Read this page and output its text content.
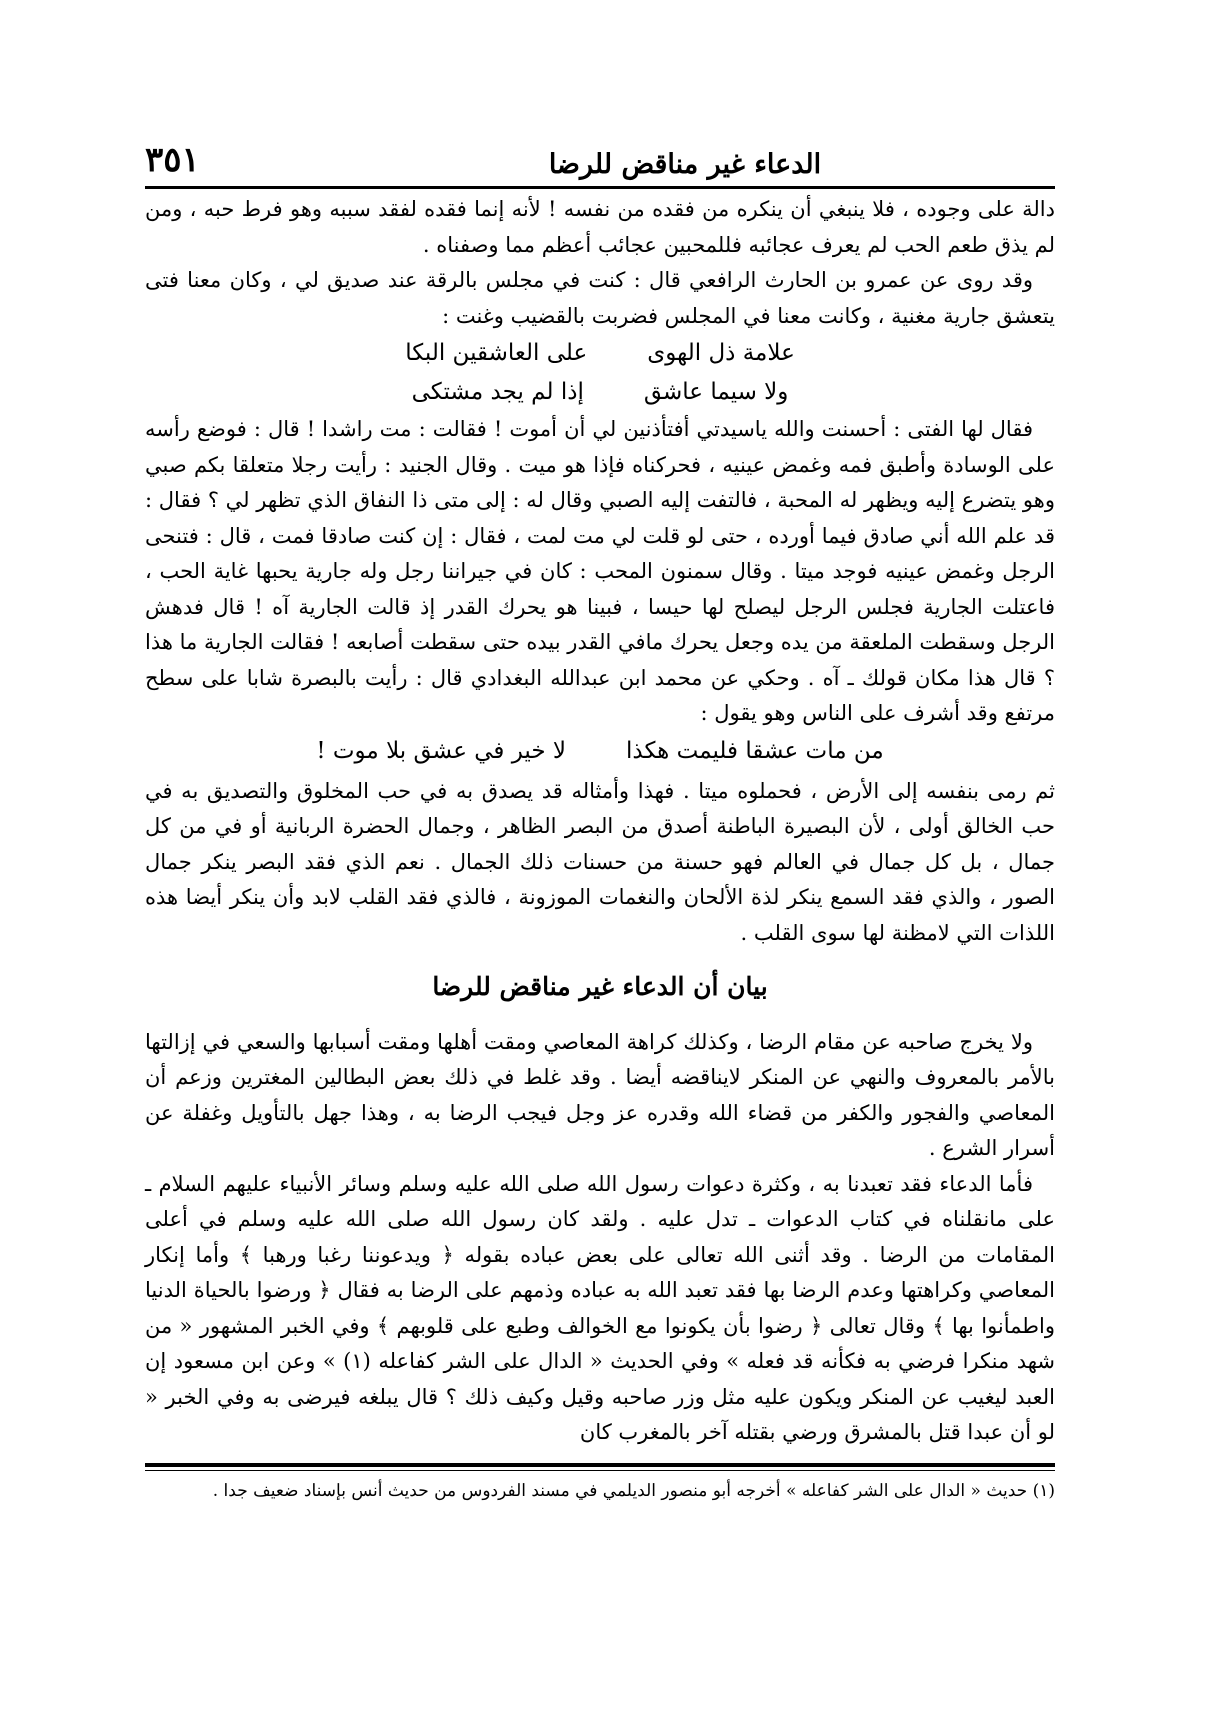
الدعاء غير مناقض للرضا
٣٥١

دالة على وجوده ، فلا ينبغي أن ينكره من فقده من نفسه ! لأنه إنما فقده لفقد سببه وهو فرط حبه ، ومن لم يذق طعم الحب لم يعرف عجائبه فللمحبين عجائب أعظم مما وصفناه .

وقد روى عن عمرو بن الحارث الرافعي قال : كنت في مجلس بالرقة عند صديق لي ، وكان معنا فتى يتعشق جارية مغنية ، وكانت معنا في المجلس فضربت بالقضيب وغنت :

علامة ذل الهوى
على العاشقين البكا
ولا سيما عاشق
إذا لم يجد مشتكى

فقال لها الفتى : أحسنت والله ياسيدتي أفتأذنين لي أن أموت ! فقالت : مت راشدا ! قال : فوضع رأسه على الوسادة وأطبق فمه وغمض عينيه ، فحركناه فإذا هو ميت . وقال الجنيد : رأيت رجلا متعلقا بكم صبي وهو يتضرع إليه ويظهر له المحبة ، فالتفت إليه الصبي وقال له : إلى متى ذا النفاق الذي تظهر لي ؟ فقال : قد علم الله أني صادق فيما أورده ، حتى لو قلت لي مت لمت ، فقال : إن كنت صادقا فمت ، قال : فتنحى الرجل وغمض عينيه فوجد ميتا . وقال سمنون المحب : كان في جيراننا رجل وله جارية يحبها غاية الحب ، فاعتلت الجارية فجلس الرجل ليصلح لها حيسا ، فبينا هو يحرك القدر إذ قالت الجارية آه ! قال فدهش الرجل وسقطت الملعقة من يده وجعل يحرك مافي القدر بيده حتى سقطت أصابعه ! فقالت الجارية ما هذا ؟ قال هذا مكان قولك ـ آه . وحكي عن محمد ابن عبدالله البغدادي قال : رأيت بالبصرة شابا على سطح مرتفع وقد أشرف على الناس وهو يقول :

من مات عشقا فليمت هكذا
لا خير في عشق بلا موت !

ثم رمى بنفسه إلى الأرض ، فحملوه ميتا . فهذا وأمثاله قد يصدق به في حب المخلوق والتصديق به في حب الخالق أولى ، لأن البصيرة الباطنة أصدق من البصر الظاهر ، وجمال الحضرة الربانية أو في من كل جمال ، بل كل جمال في العالم فهو حسنة من حسنات ذلك الجمال . نعم الذي فقد البصر ينكر جمال الصور ، والذي فقد السمع ينكر لذة الألحان والنغمات الموزونة ، فالذي فقد القلب لابد وأن ينكر أيضا هذه اللذات التي لامظنة لها سوى القلب .

بيان أن الدعاء غير مناقض للرضا

ولا يخرج صاحبه عن مقام الرضا ، وكذلك كراهة المعاصي ومقت أهلها ومقت أسبابها والسعي في إزالتها بالأمر بالمعروف والنهي عن المنكر لايناقضه أيضا . وقد غلط في ذلك بعض البطالين المغترين وزعم أن المعاصي والفجور والكفر من قضاء الله وقدره عز وجل فيجب الرضا به ، وهذا جهل بالتأويل وغفلة عن أسرار الشرع .

فأما الدعاء فقد تعبدنا به ، وكثرة دعوات رسول الله صلى الله عليه وسلم وسائر الأنبياء عليهم السلام ـ على مانقلناه في كتاب الدعوات ـ تدل عليه . ولقد كان رسول الله صلى الله عليه وسلم في أعلى المقامات من الرضا . وقد أثنى الله تعالى على بعض عباده بقوله ﴿ ويدعوننا رغبا ورهبا ﴾ وأما إنكار المعاصي وكراهتها وعدم الرضا بها فقد تعبد الله به عباده وذمهم على الرضا به فقال ﴿ ورضوا بالحياة الدنيا واطمأنوا بها ﴾ وقال تعالى ﴿ رضوا بأن يكونوا مع الخوالف وطبع على قلوبهم ﴾ وفي الخبر المشهور « من شهد منكرا فرضي به فكأنه قد فعله » وفي الحديث « الدال على الشر كفاعله (١) » وعن ابن مسعود إن العبد ليغيب عن المنكر ويكون عليه مثل وزر صاحبه وقيل وكيف ذلك ؟ قال يبلغه فيرضى به وفي الخبر « لو أن عبدا قتل بالمشرق ورضي بقتله آخر بالمغرب كان

(١) حديث « الدال على الشر كفاعله » أخرجه أبو منصور الديلمي في مسند الفردوس من حديث أنس بإسناد ضعيف جدا .
